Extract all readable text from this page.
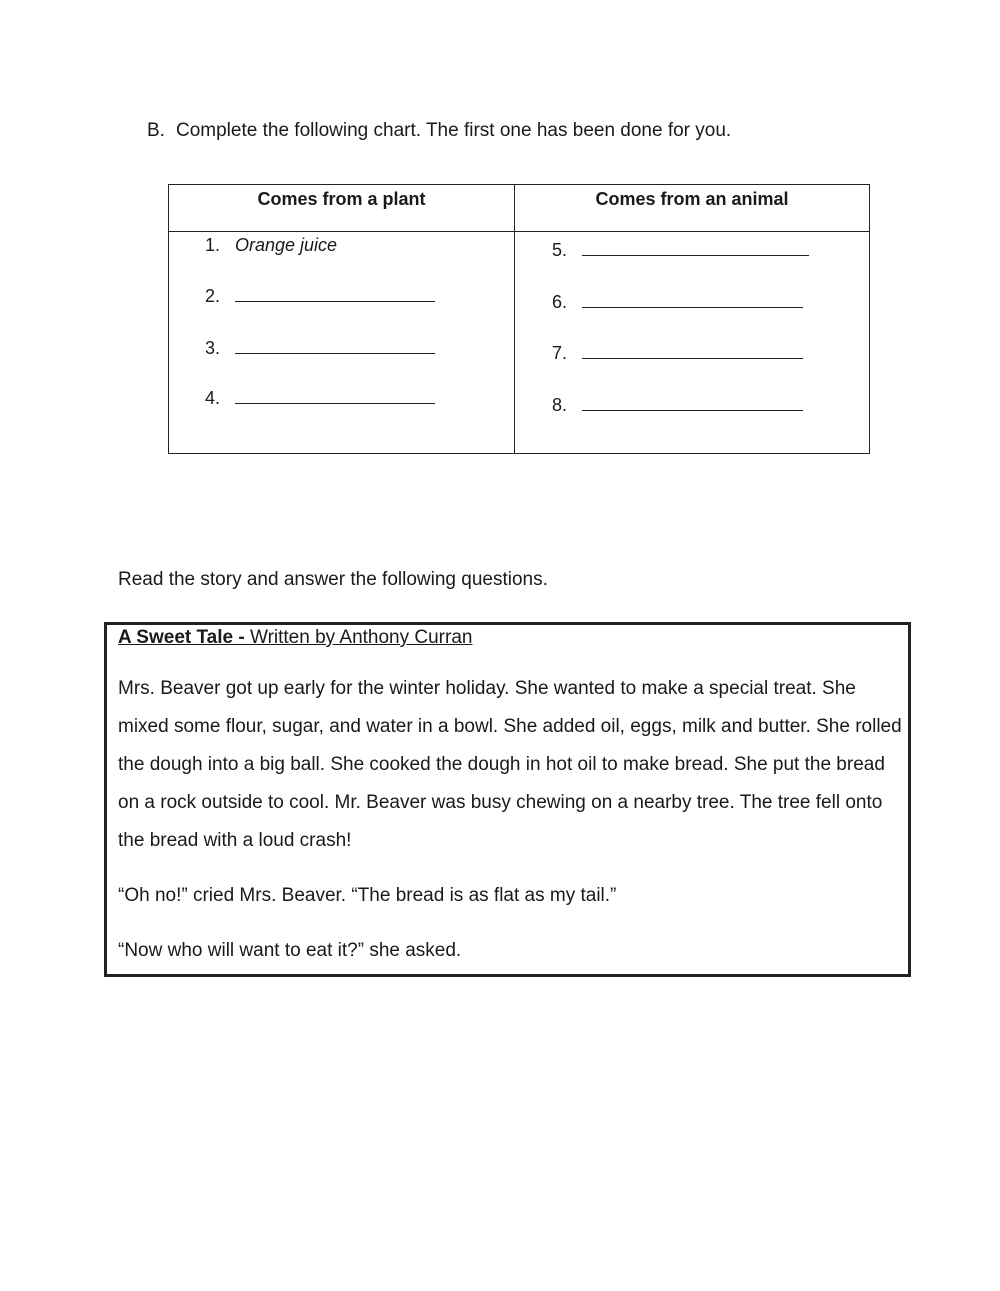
B. Complete the following chart. The first one has been done for you.
Comes from a plant	Comes from an animal
1. Orange juice
2.
3.
4.
5.
6.
7.
8.
Read the story and answer the following questions.
A Sweet Tale - Written by Anthony Curran
Mrs. Beaver got up early for the winter holiday. She wanted to make a special treat. She mixed some flour, sugar, and water in a bowl. She added oil, eggs, milk and butter. She rolled the dough into a big ball. She cooked the dough in hot oil to make bread. She put the bread on a rock outside to cool. Mr. Beaver was busy chewing on a nearby tree. The tree fell onto the bread with a loud crash!
“Oh no!” cried Mrs. Beaver. “The bread is as flat as my tail.”
“Now who will want to eat it?” she asked.
